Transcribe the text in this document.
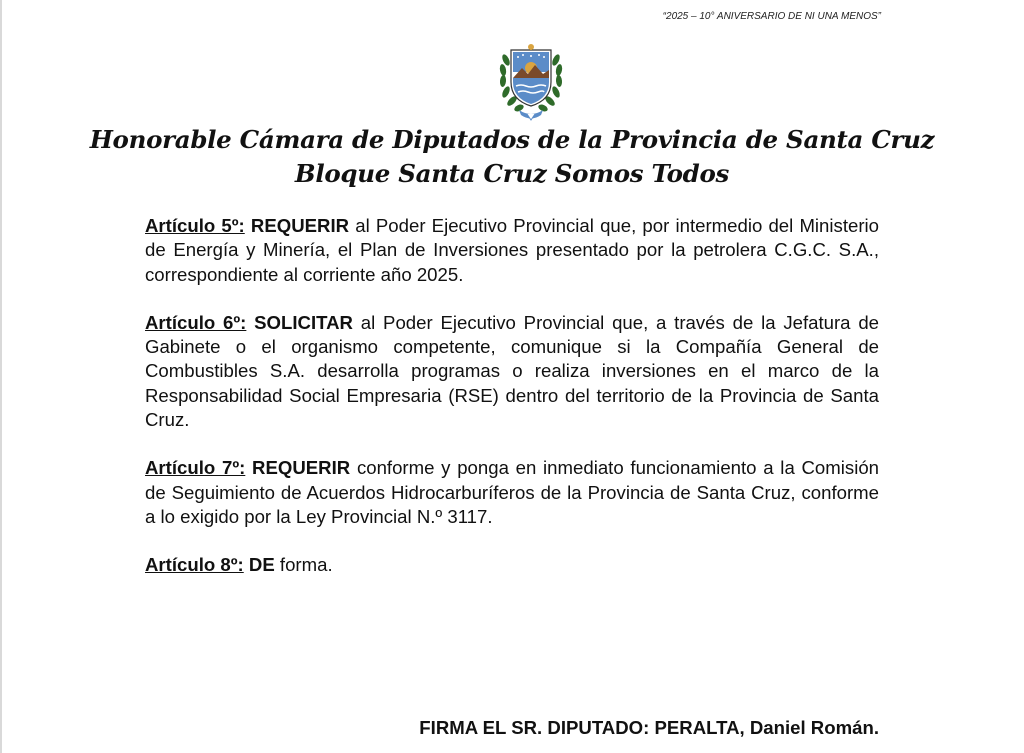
“2025 – 10° ANIVERSARIO DE NI UNA MENOS”
Honorable Cámara de Diputados de la Provincia de Santa Cruz
Bloque Santa Cruz Somos Todos

Artículo 5º: REQUERIR al Poder Ejecutivo Provincial que, por intermedio del Ministerio de Energía y Minería, el Plan de Inversiones presentado por la petrolera C.G.C. S.A., correspondiente al corriente año 2025.

Artículo 6º: SOLICITAR al Poder Ejecutivo Provincial que, a través de la Jefatura de Gabinete o el organismo competente, comunique si la Compañía General de Combustibles S.A. desarrolla programas o realiza inversiones en el marco de la Responsabilidad Social Empresaria (RSE) dentro del territorio de la Provincia de Santa Cruz.

Artículo 7º: REQUERIR conforme y ponga en inmediato funcionamiento a la Comisión de Seguimiento de Acuerdos Hidrocarburíferos de la Provincia de Santa Cruz, conforme a lo exigido por la Ley Provincial N.º 3117.

Artículo 8º: DE forma.

FIRMA EL SR. DIPUTADO: PERALTA, Daniel Román.
